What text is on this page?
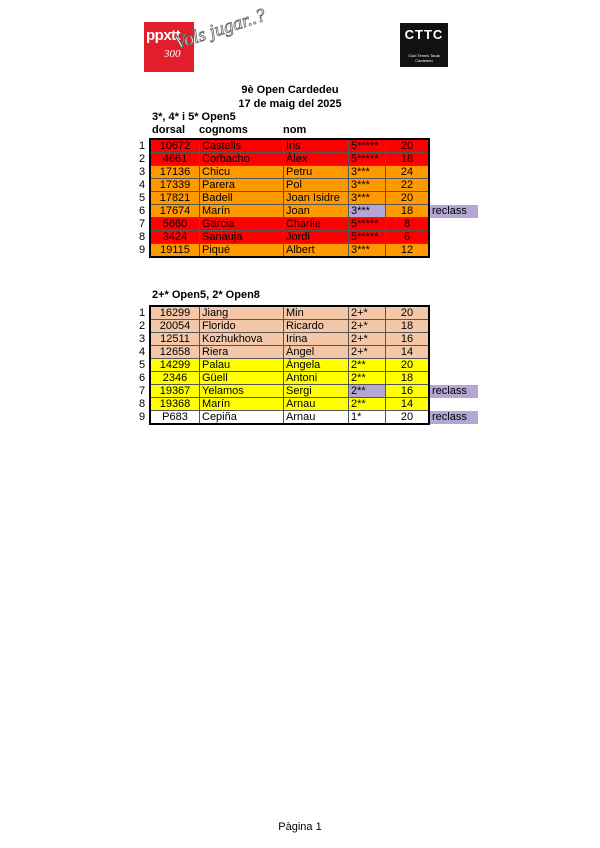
ppxtt
300
Vols jugar..?	CTTC
Club Tennis Taula Cardedeu
9è Open Cardedeu
17 de maig del 2025
3*, 4* i 5* Open5
dorsal cognoms	nom
1	10672	Castells	Iris	5*****	20	
2	4661	Corbacho	Àlex	5*****	18	
3	17136	Chicu	Petru	3***	24	
4	17339	Parera	Pol	3***	22	
5	17821	Badell	Joan Isidre	3***	20	
6	17674	Marín	Joan	3***	18	reclass
7	5660	Garcia	Charlie	5*****	8	
8	3424	Sanauja	Jordi	5*****	6	
9	19115	Piqué	Albert	3***	12	
2+* Open5, 2* Open8
1	16299	Jiang	Min	2+*	20	
2	20054	Florido	Ricardo	2+*	18	
3	12511	Kozhukhova	Irina	2+*	16	
4	12658	Riera	Àngel	2+*	14	
5	14299	Palau	Àngela	2**	20	
6	2346	Güell	Antoni	2**	18	
7	19367	Yelamos	Sergi	2**	16	reclass
8	19368	Marín	Arnau	2**	14	
9	P683	Cepiña	Arnau	1*	20	reclass
Pàgina 1
